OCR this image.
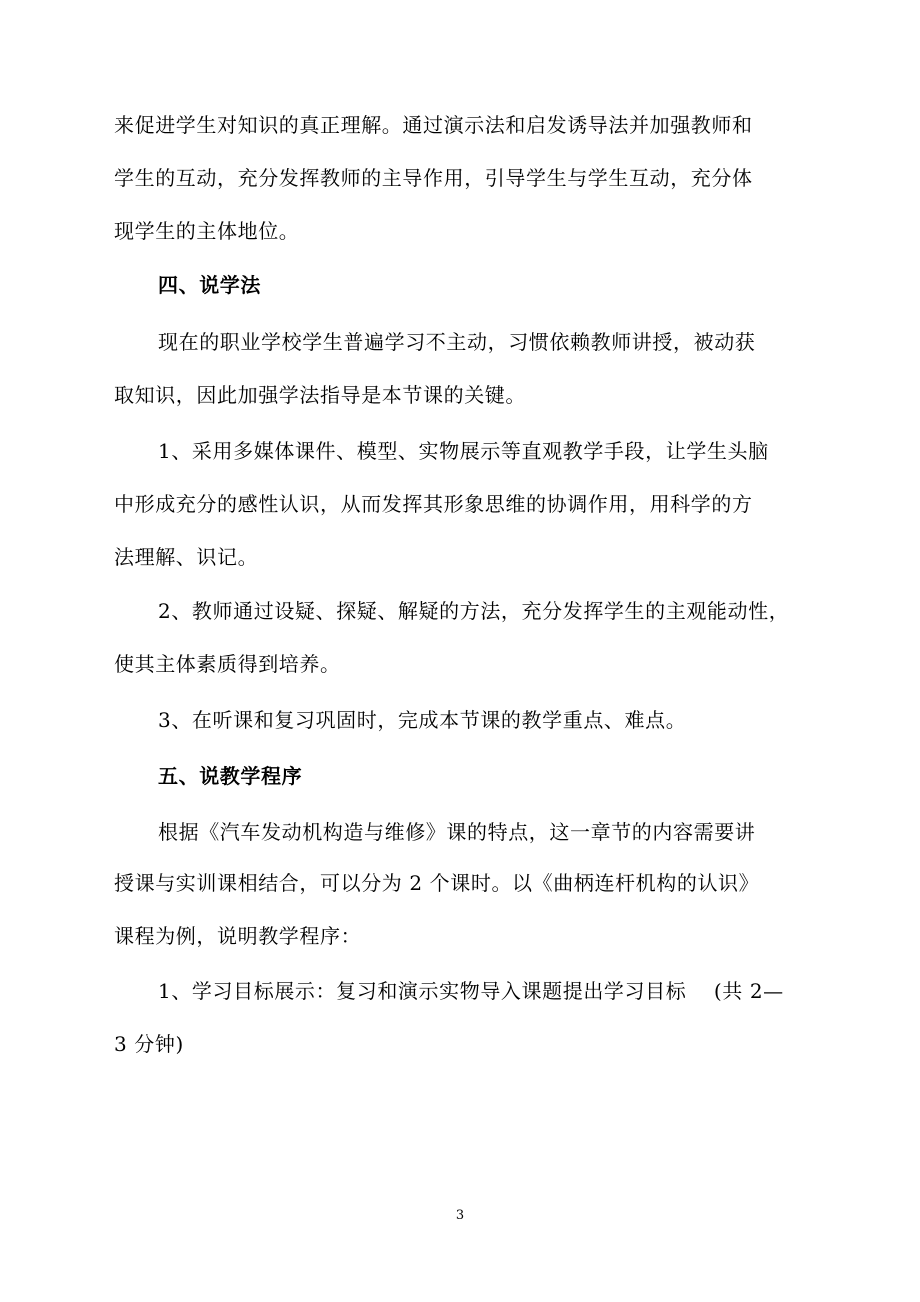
来促进学生对知识的真正理解。通过演示法和启发诱导法并加强教师和
学生的互动，充分发挥教师的主导作用，引导学生与学生互动，充分体
现学生的主体地位。
四、说学法
现在的职业学校学生普遍学习不主动，习惯依赖教师讲授，被动获
取知识，因此加强学法指导是本节课的关键。
1、采用多媒体课件、模型、实物展示等直观教学手段，让学生头脑
中形成充分的感性认识，从而发挥其形象思维的协调作用，用科学的方
法理解、识记。
2、教师通过设疑、探疑、解疑的方法，充分发挥学生的主观能动性，
使其主体素质得到培养。
3、在听课和复习巩固时，完成本节课的教学重点、难点。
五、说教学程序
根据《汽车发动机构造与维修》课的特点，这一章节的内容需要讲
授课与实训课相结合，可以分为 2 个课时。以《曲柄连杆机构的认识》
课程为例，说明教学程序：
1、学习目标展示：复习和演示实物导入课题提出学习目标　 (共 2—
3 分钟)
3
